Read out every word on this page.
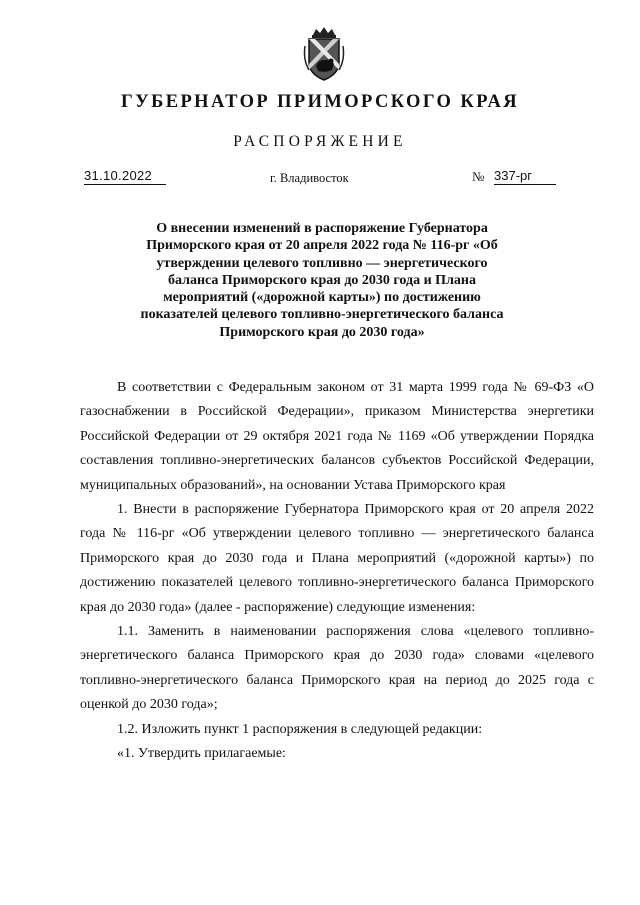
ГУБЕРНАТОР ПРИМОРСКОГО КРАЯ
РАСПОРЯЖЕНИЕ
31.10.2022	г. Владивосток	№ 337-рг
О внесении изменений в распоряжение Губернатора Приморского края от 20 апреля 2022 года № 116-рг «Об утверждении целевого топливно — энергетического баланса Приморского края до 2030 года и Плана мероприятий («дорожной карты») по достижению показателей целевого топливно-энергетического баланса Приморского края до 2030 года»

В соответствии с Федеральным законом от 31 марта 1999 года № 69-ФЗ «О газоснабжении в Российской Федерации», приказом Министерства энергетики Российской Федерации от 29 октября 2021 года № 1169 «Об утверждении Порядка составления топливно-энергетических балансов субъектов Российской Федерации, муниципальных образований», на основании Устава Приморского края

1. Внести в распоряжение Губернатора Приморского края от 20 апреля 2022 года № 116-рг «Об утверждении целевого топливно — энергетического баланса Приморского края до 2030 года и Плана мероприятий («дорожной карты») по достижению показателей целевого топливно-энергетического баланса Приморского края до 2030 года» (далее - распоряжение) следующие изменения:

1.1. Заменить в наименовании распоряжения слова «целевого топливно-энергетического баланса Приморского края до 2030 года» словами «целевого топливно-энергетического баланса Приморского края на период до 2025 года с оценкой до 2030 года»;

1.2. Изложить пункт 1 распоряжения в следующей редакции:

«1. Утвердить прилагаемые:
